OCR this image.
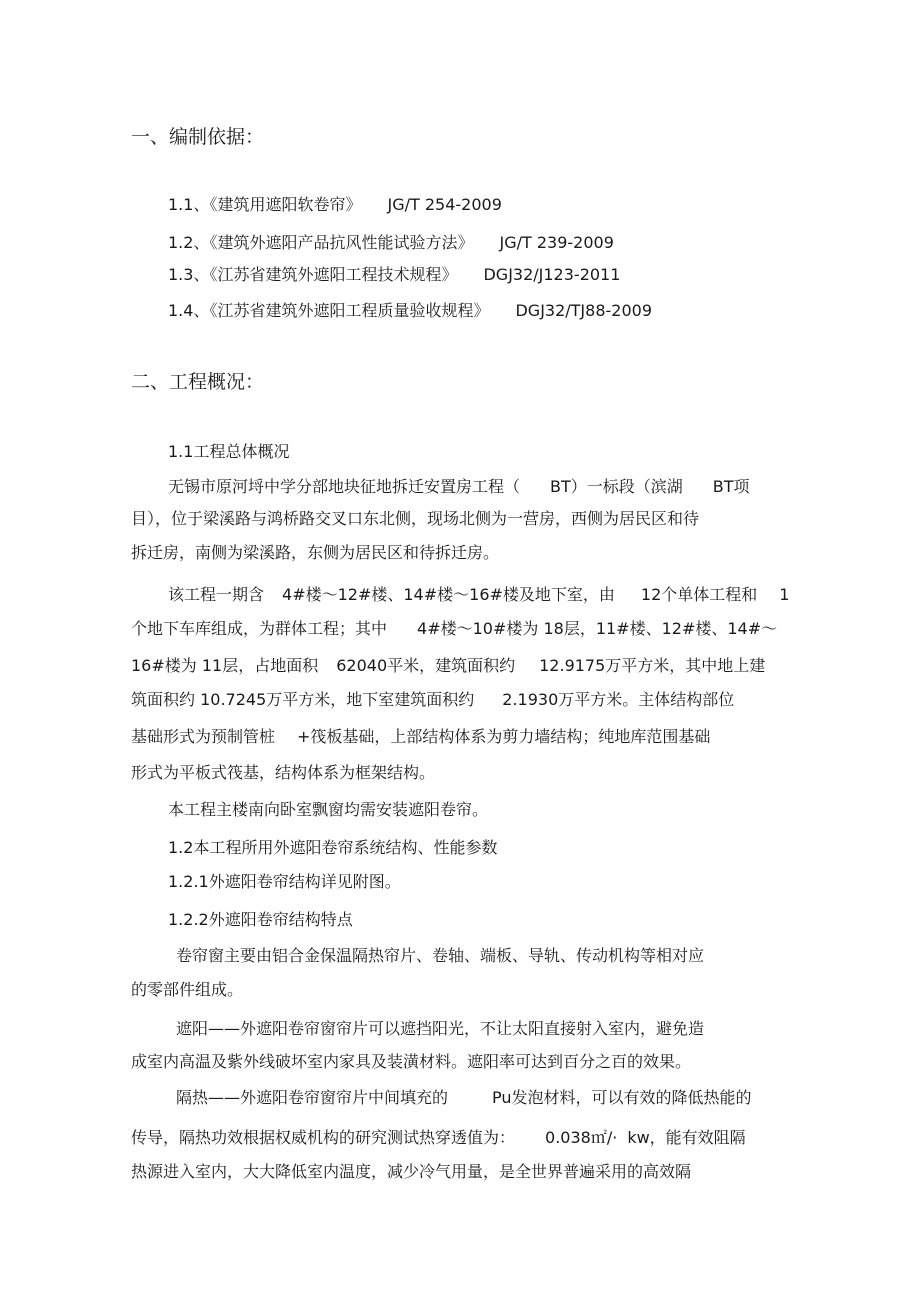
一、编制依据：
1.1、《建筑用遮阳软卷帘》 JG/T 254-2009
1.2、《建筑外遮阳产品抗风性能试验方法》 JG/T 239-2009
1.3、《江苏省建筑外遮阳工程技术规程》 DGJ32/J123-2011
1.4、《江苏省建筑外遮阳工程质量验收规程》 DGJ32/TJ88-2009
二、工程概况：
1.1工程总体概况
无锡市原河埒中学分部地块征地拆迁安置房工程（ BT）一标段（滨湖 BT项
目），位于梁溪路与鸿桥路交叉口东北侧，现场北侧为一营房，西侧为居民区和待
拆迁房，南侧为梁溪路，东侧为居民区和待拆迁房。
该工程一期含 4#楼～12#楼、14#楼～16#楼及地下室，由 12个单体工程和 1
个地下车库组成，为群体工程；其中 4#楼～10#楼为 18层，11#楼、12#楼、14#～
16#楼为 11层，占地面积 62040平米，建筑面积约 12.9175万平方米，其中地上建
筑面积约 10.7245万平方米，地下室建筑面积约 2.1930万平方米。主体结构部位
基础形式为预制管桩 +筏板基础，上部结构体系为剪力墙结构；纯地库范围基础
形式为平板式筏基，结构体系为框架结构。
本工程主楼南向卧室飘窗均需安装遮阳卷帘。
1.2本工程所用外遮阳卷帘系统结构、性能参数
1.2.1外遮阳卷帘结构详见附图。
1.2.2外遮阳卷帘结构特点
卷帘窗主要由铝合金保温隔热帘片、卷轴、端板、导轨、传动机构等相对应
的零部件组成。
遮阳——外遮阳卷帘窗帘片可以遮挡阳光，不让太阳直接射入室内，避免造
成室内高温及紫外线破坏室内家具及装潢材料。遮阳率可达到百分之百的效果。
隔热——外遮阳卷帘窗帘片中间填充的	Pu发泡材料，可以有效的降低热能的
传导，隔热功效根据权威机构的研究测试热穿透值为： 0.038㎡/· kw，能有效阻隔
热源进入室内，大大降低室内温度，减少冷气用量，是全世界普遍采用的高效隔
